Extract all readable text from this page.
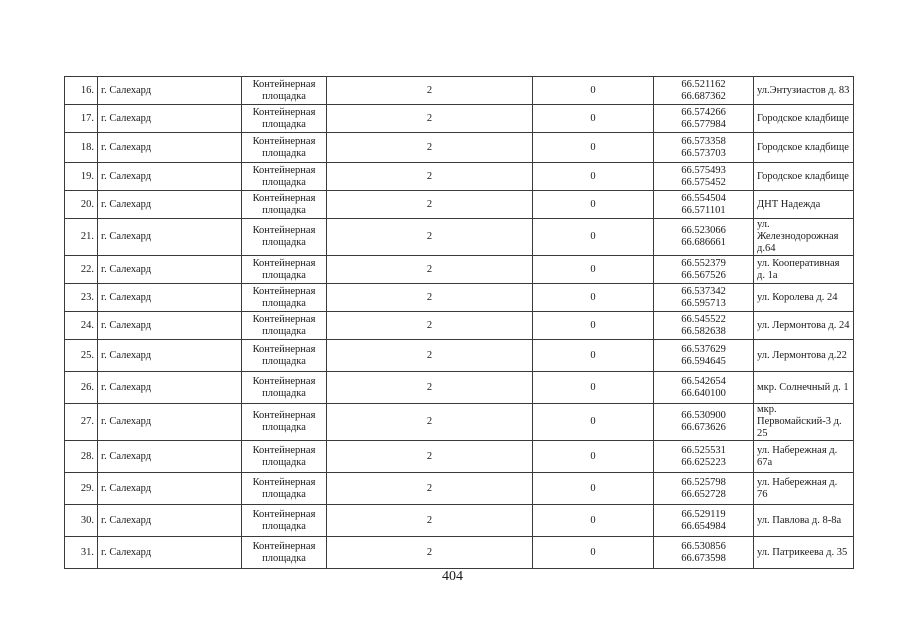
16.	г. Салехард	Контейнерная
площадка	2	0	66.521162
66.687362	ул.Энтузиастов д. 83
17.	г. Салехард	Контейнерная
площадка	2	0	66.574266
66.577984	Городское кладбище
18.	г. Салехард	Контейнерная
площадка	2	0	66.573358
66.573703	Городское кладбище
19.	г. Салехард	Контейнерная
площадка	2	0	66.575493
66.575452	Городское кладбище
20.	г. Салехард	Контейнерная
площадка	2	0	66.554504
66.571101	ДНТ Надежда
21.	г. Салехард	Контейнерная
площадка	2	0	66.523066
66.686661	ул. Железнодорожная д.64
22.	г. Салехард	Контейнерная
площадка	2	0	66.552379
66.567526	ул. Кооперативная д. 1а
23.	г. Салехард	Контейнерная
площадка	2	0	66.537342
66.595713	ул. Королева д. 24
24.	г. Салехард	Контейнерная
площадка	2	0	66.545522
66.582638	ул. Лермонтова д. 24
25.	г. Салехард	Контейнерная
площадка	2	0	66.537629
66.594645	ул. Лермонтова д.22
26.	г. Салехард	Контейнерная
площадка	2	0	66.542654
66.640100	мкр. Солнечный д. 1
27.	г. Салехард	Контейнерная
площадка	2	0	66.530900
66.673626	мкр. Первомайский-3 д. 25
28.	г. Салехард	Контейнерная
площадка	2	0	66.525531
66.625223	ул. Набережная д. 67а
29.	г. Салехард	Контейнерная
площадка	2	0	66.525798
66.652728	ул. Набережная д. 76
30.	г. Салехард	Контейнерная
площадка	2	0	66.529119
66.654984	ул. Павлова д. 8-8а
31.	г. Салехард	Контейнерная
площадка	2	0	66.530856
66.673598	ул. Патрикеева д. 35
404
